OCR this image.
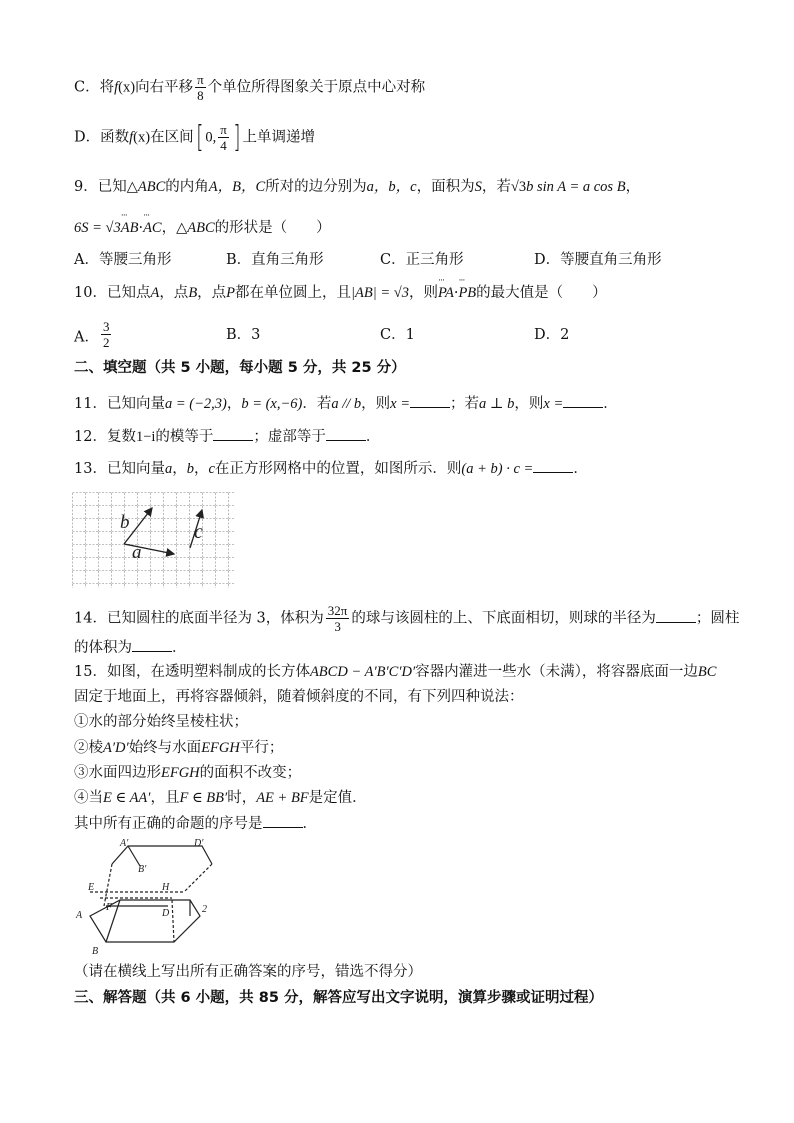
C．将f(x)向右平移 $\frac{\pi}{8}$ 个单位所得图象关于原点中心对称
D．函数f(x)在区间[ 0, $\frac{\pi}{4}$ ] 上单调递增
9．已知△ABC的内角A，B，C所对的边分别为a，b，c，面积为S，若√3b sin A = a cos B，
6S = √3··· AB···· AC，△ABC的形状是（　　）
A．等腰三角形	B．直角三角形	C．正三角形	D．等腰直角三角形
10．已知点A，点B，点P都在单位圆上，且|AB| = √3，则··· PA···· PB的最大值是（　　）
A． $\frac{3}{2}$	B．3	C．1	D．2
二、填空题（共 5 小题，每小题 5 分，共 25 分）
11．已知向量a = (−2,3)，b = (x,−6)．若a // b，则x =	；若a ⊥ b，则x =	．
12．复数1−i的模等于	；虚部等于	．
13．已知向量a，b，c在正方形网格中的位置，如图所示．则(a + b) · c =	．
b
a
c
14．已知圆柱的底面半径为 3，体积为 $\frac{32\pi}{3}$ 的球与该圆柱的上、下底面相切，则球的半径为	；圆柱
的体积为	．
15．如图，在透明塑料制成的长方体ABCD − A′B′C′D′容器内灌进一些水（未满），将容器底面一边BC
固定于地面上，再将容器倾斜，随着倾斜度的不同，有下列四种说法：
①水的部分始终呈棱柱状；
②棱A′D′始终与水面EFGH平行；
③水面四边形EFGH的面积不改变；
④当E ∈ AA′，且F ∈ BB′时，AE + BF是定值．
其中所有正确的命题的序号是	．
A′	D′
B′
E	H
F
A	D
B
2
（请在横线上写出所有正确答案的序号，错选不得分）
三、解答题（共 6 小题，共 85 分，解答应写出文字说明，演算步骤或证明过程）
